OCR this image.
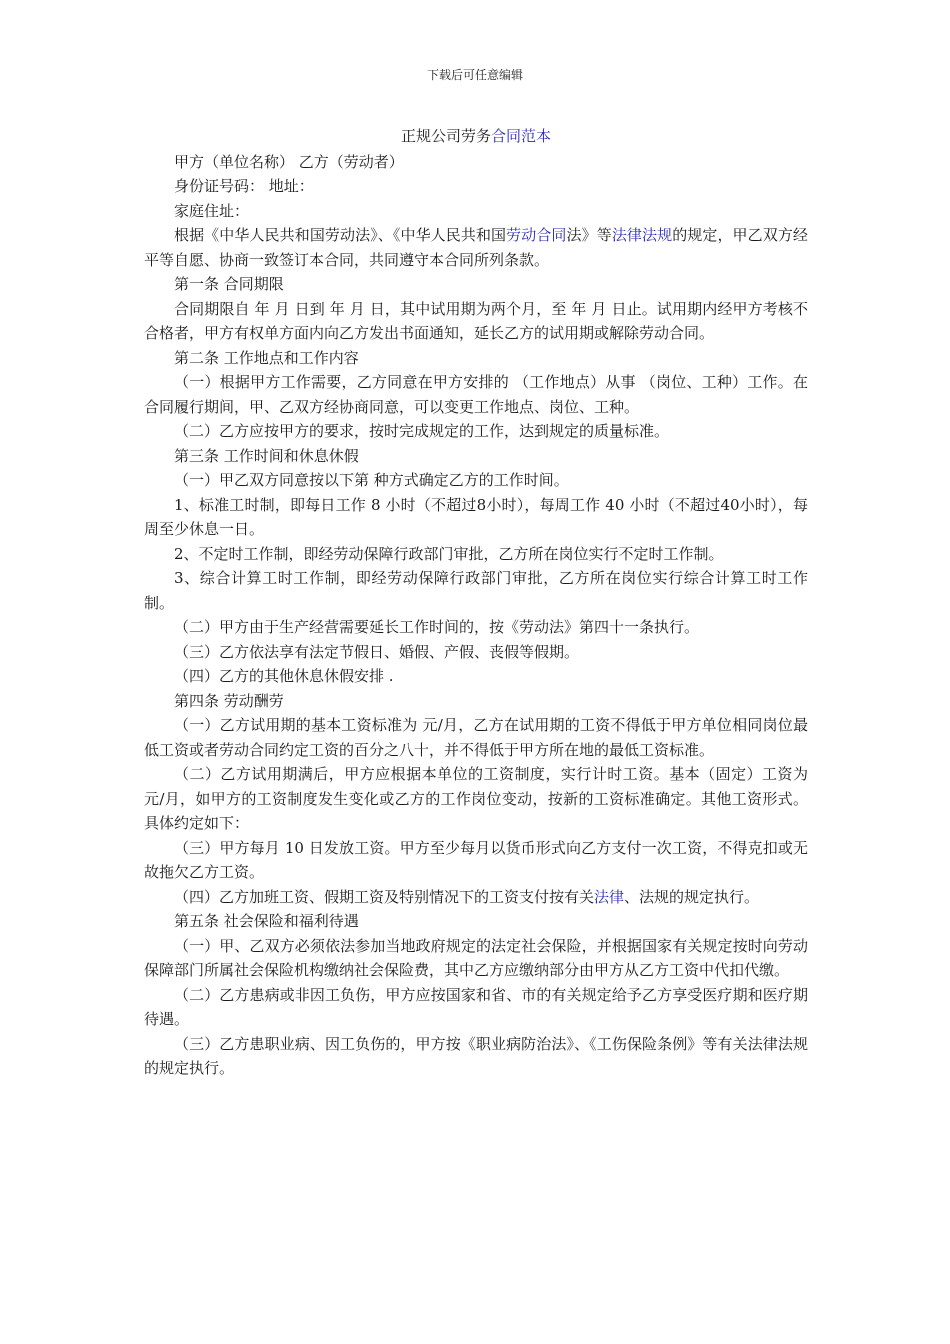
下载后可任意编辑
正规公司劳务合同范本

甲方（单位名称） 乙方（劳动者）

身份证号码： 地址：

家庭住址：

根据《中华人民共和国劳动法》、《中华人民共和国劳动合同法》等法律法规的规定，甲乙双方经平等自愿、协商一致签订本合同，共同遵守本合同所列条款。

第一条 合同期限

合同期限自 年 月 日到 年 月 日，其中试用期为两个月，至 年 月 日止。试用期内经甲方考核不合格者，甲方有权单方面内向乙方发出书面通知，延长乙方的试用期或解除劳动合同。

第二条 工作地点和工作内容

（一）根据甲方工作需要，乙方同意在甲方安排的 （工作地点）从事 （岗位、工种）工作。在合同履行期间，甲、乙双方经协商同意，可以变更工作地点、岗位、工种。

（二）乙方应按甲方的要求，按时完成规定的工作，达到规定的质量标准。

第三条 工作时间和休息休假

（一）甲乙双方同意按以下第 种方式确定乙方的工作时间。

1、标准工时制，即每日工作 8 小时（不超过8小时），每周工作 40 小时（不超过40小时），每周至少休息一日。

2、不定时工作制，即经劳动保障行政部门审批，乙方所在岗位实行不定时工作制。

3、综合计算工时工作制，即经劳动保障行政部门审批，乙方所在岗位实行综合计算工时工作制。

（二）甲方由于生产经营需要延长工作时间的，按《劳动法》第四十一条执行。

（三）乙方依法享有法定节假日、婚假、产假、丧假等假期。

（四）乙方的其他休息休假安排 .

第四条 劳动酬劳

（一）乙方试用期的基本工资标准为 元/月，乙方在试用期的工资不得低于甲方单位相同岗位最低工资或者劳动合同约定工资的百分之八十，并不得低于甲方所在地的最低工资标准。

（二）乙方试用期满后，甲方应根据本单位的工资制度，实行计时工资。基本（固定）工资为 元/月，如甲方的工资制度发生变化或乙方的工作岗位变动，按新的工资标准确定。其他工资形式。具体约定如下：

（三）甲方每月 10 日发放工资。甲方至少每月以货币形式向乙方支付一次工资，不得克扣或无故拖欠乙方工资。

（四）乙方加班工资、假期工资及特别情况下的工资支付按有关法律、法规的规定执行。

第五条 社会保险和福利待遇

（一）甲、乙双方必须依法参加当地政府规定的法定社会保险，并根据国家有关规定按时向劳动保障部门所属社会保险机构缴纳社会保险费，其中乙方应缴纳部分由甲方从乙方工资中代扣代缴。

（二）乙方患病或非因工负伤，甲方应按国家和省、市的有关规定给予乙方享受医疗期和医疗期待遇。

（三）乙方患职业病、因工负伤的，甲方按《职业病防治法》、《工伤保险条例》等有关法律法规的规定执行。
